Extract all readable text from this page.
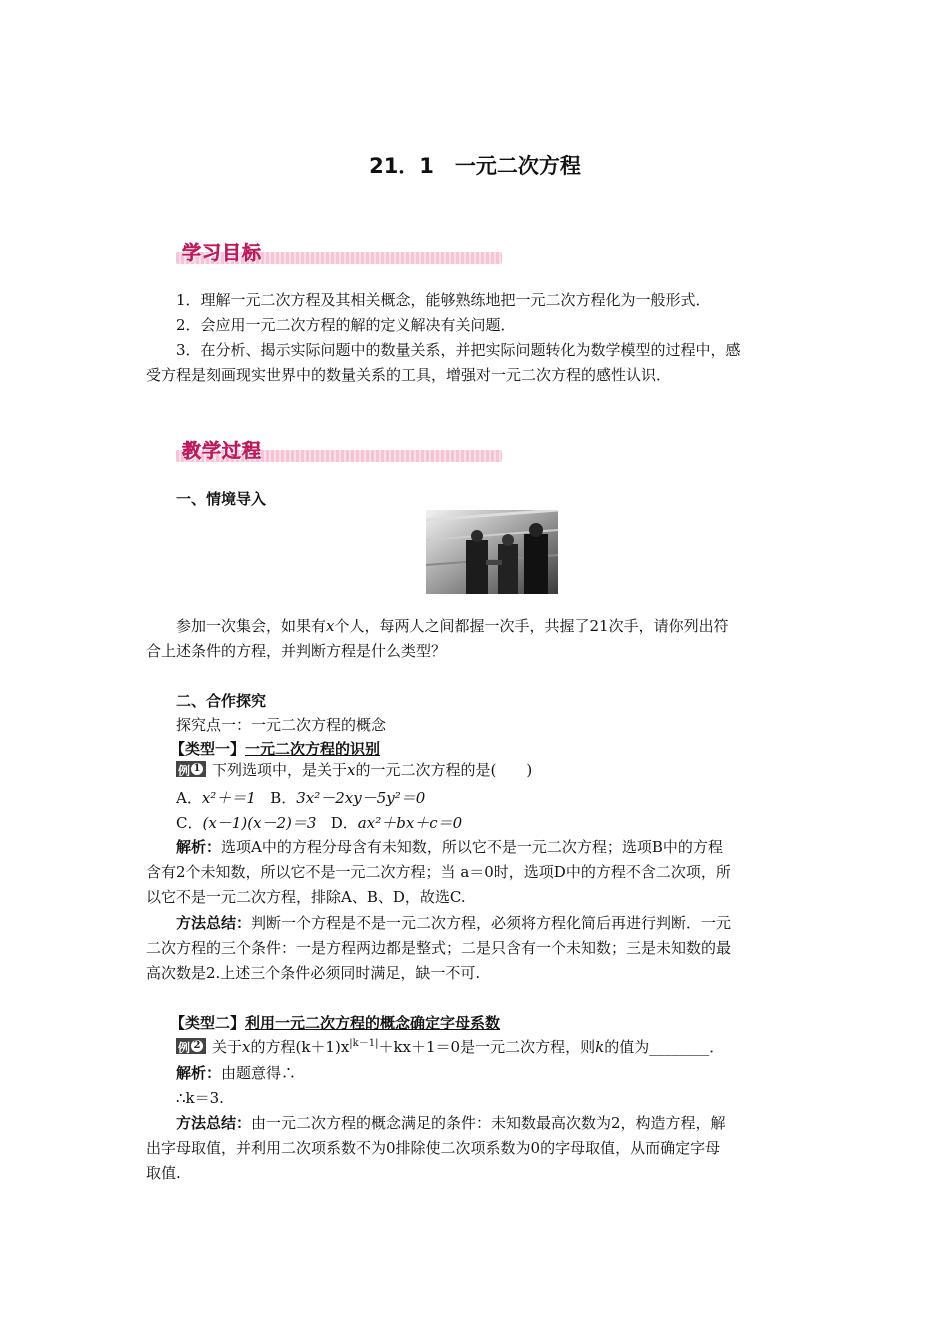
21．1　一元二次方程
学习目标
1．理解一元二次方程及其相关概念，能够熟练地把一元二次方程化为一般形式．
2．会应用一元二次方程的解的定义解决有关问题．
3．在分析、揭示实际问题中的数量关系，并把实际问题转化为数学模型的过程中，感
受方程是刻画现实世界中的数量关系的工具，增强对一元二次方程的感性认识．
教学过程
一、情境导入
参加一次集会，如果有x个人，每两人之间都握一次手，共握了21次手，请你列出符
合上述条件的方程，并判断方程是什么类型？
二、合作探究
探究点一：一元二次方程的概念
【类型一】一元二次方程的识别
例 1 下列选项中，是关于x的一元二次方程的是(　　)
A．x²＋＝1 B．3x²－2xy－5y²＝0
C．(x－1)(x－2)＝3 D．ax²＋bx＋c＝0
解析：选项A中的方程分母含有未知数，所以它不是一元二次方程；选项B中的方程
含有2个未知数，所以它不是一元二次方程；当 a＝0时，选项D中的方程不含二次项，所
以它不是一元二次方程，排除A、B、D，故选C.
方法总结：判断一个方程是不是一元二次方程，必须将方程化简后再进行判断．一元
二次方程的三个条件：一是方程两边都是整式；二是只含有一个未知数；三是未知数的最
高次数是2.上述三个条件必须同时满足，缺一不可.
【类型二】利用一元二次方程的概念确定字母系数
例 2 关于x的方程$(k+1)x^{|k-1|}+kx+1=0$是一元二次方程，则k的值为________．
解析：由题意得∴
∴k＝3.
方法总结：由一元二次方程的概念满足的条件：未知数最高次数为2，构造方程，解
出字母取值，并利用二次项系数不为0排除使二次项系数为0的字母取值，从而确定字母
取值.
